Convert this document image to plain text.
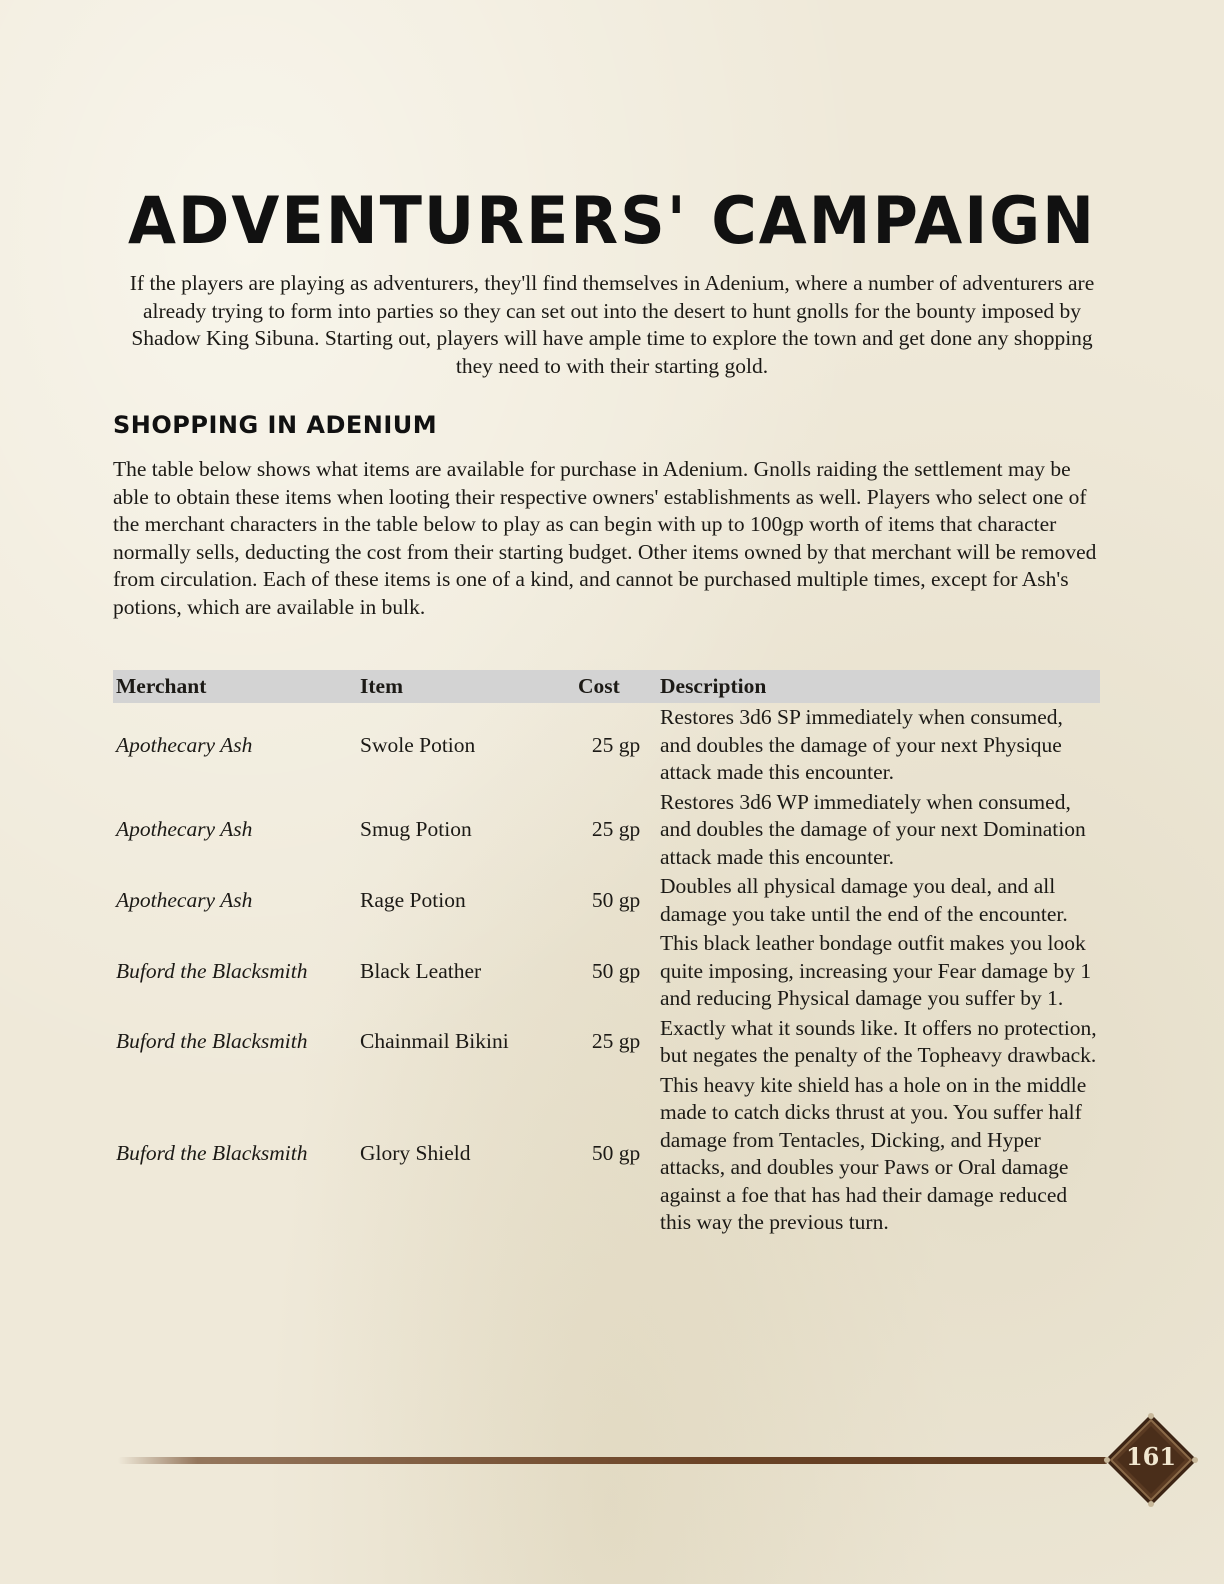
ADVENTURERS' CAMPAIGN

If the players are playing as adventurers, they'll find themselves in Adenium, where a number of adventurers are already trying to form into parties so they can set out into the desert to hunt gnolls for the bounty imposed by Shadow King Sibuna. Starting out, players will have ample time to explore the town and get done any shopping they need to with their starting gold.

SHOPPING IN ADENIUM

The table below shows what items are available for purchase in Adenium. Gnolls raiding the settlement may be able to obtain these items when looting their respective owners' establishments as well. Players who select one of the merchant characters in the table below to play as can begin with up to 100gp worth of items that character normally sells, deducting the cost from their starting budget. Other items owned by that merchant will be removed from circulation. Each of these items is one of a kind, and cannot be purchased multiple times, except for Ash's potions, which are available in bulk.

Merchant	Item	Cost	Description
Apothecary Ash	Swole Potion	25 gp	Restores 3d6 SP immediately when consumed, and doubles the damage of your next Physique attack made this encounter.
Apothecary Ash	Smug Potion	25 gp	Restores 3d6 WP immediately when consumed, and doubles the damage of your next Domination attack made this encounter.
Apothecary Ash	Rage Potion	50 gp	Doubles all physical damage you deal, and all damage you take until the end of the encounter.
Buford the Blacksmith	Black Leather	50 gp	This black leather bondage outfit makes you look quite imposing, increasing your Fear damage by 1 and reducing Physical damage you suffer by 1.
Buford the Blacksmith	Chainmail Bikini	25 gp	Exactly what it sounds like. It offers no protection, but negates the penalty of the Topheavy drawback.
Buford the Blacksmith	Glory Shield	50 gp	This heavy kite shield has a hole on in the middle made to catch dicks thrust at you. You suffer half damage from Tentacles, Dicking, and Hyper attacks, and doubles your Paws or Oral damage against a foe that has had their damage reduced this way the previous turn.
161
